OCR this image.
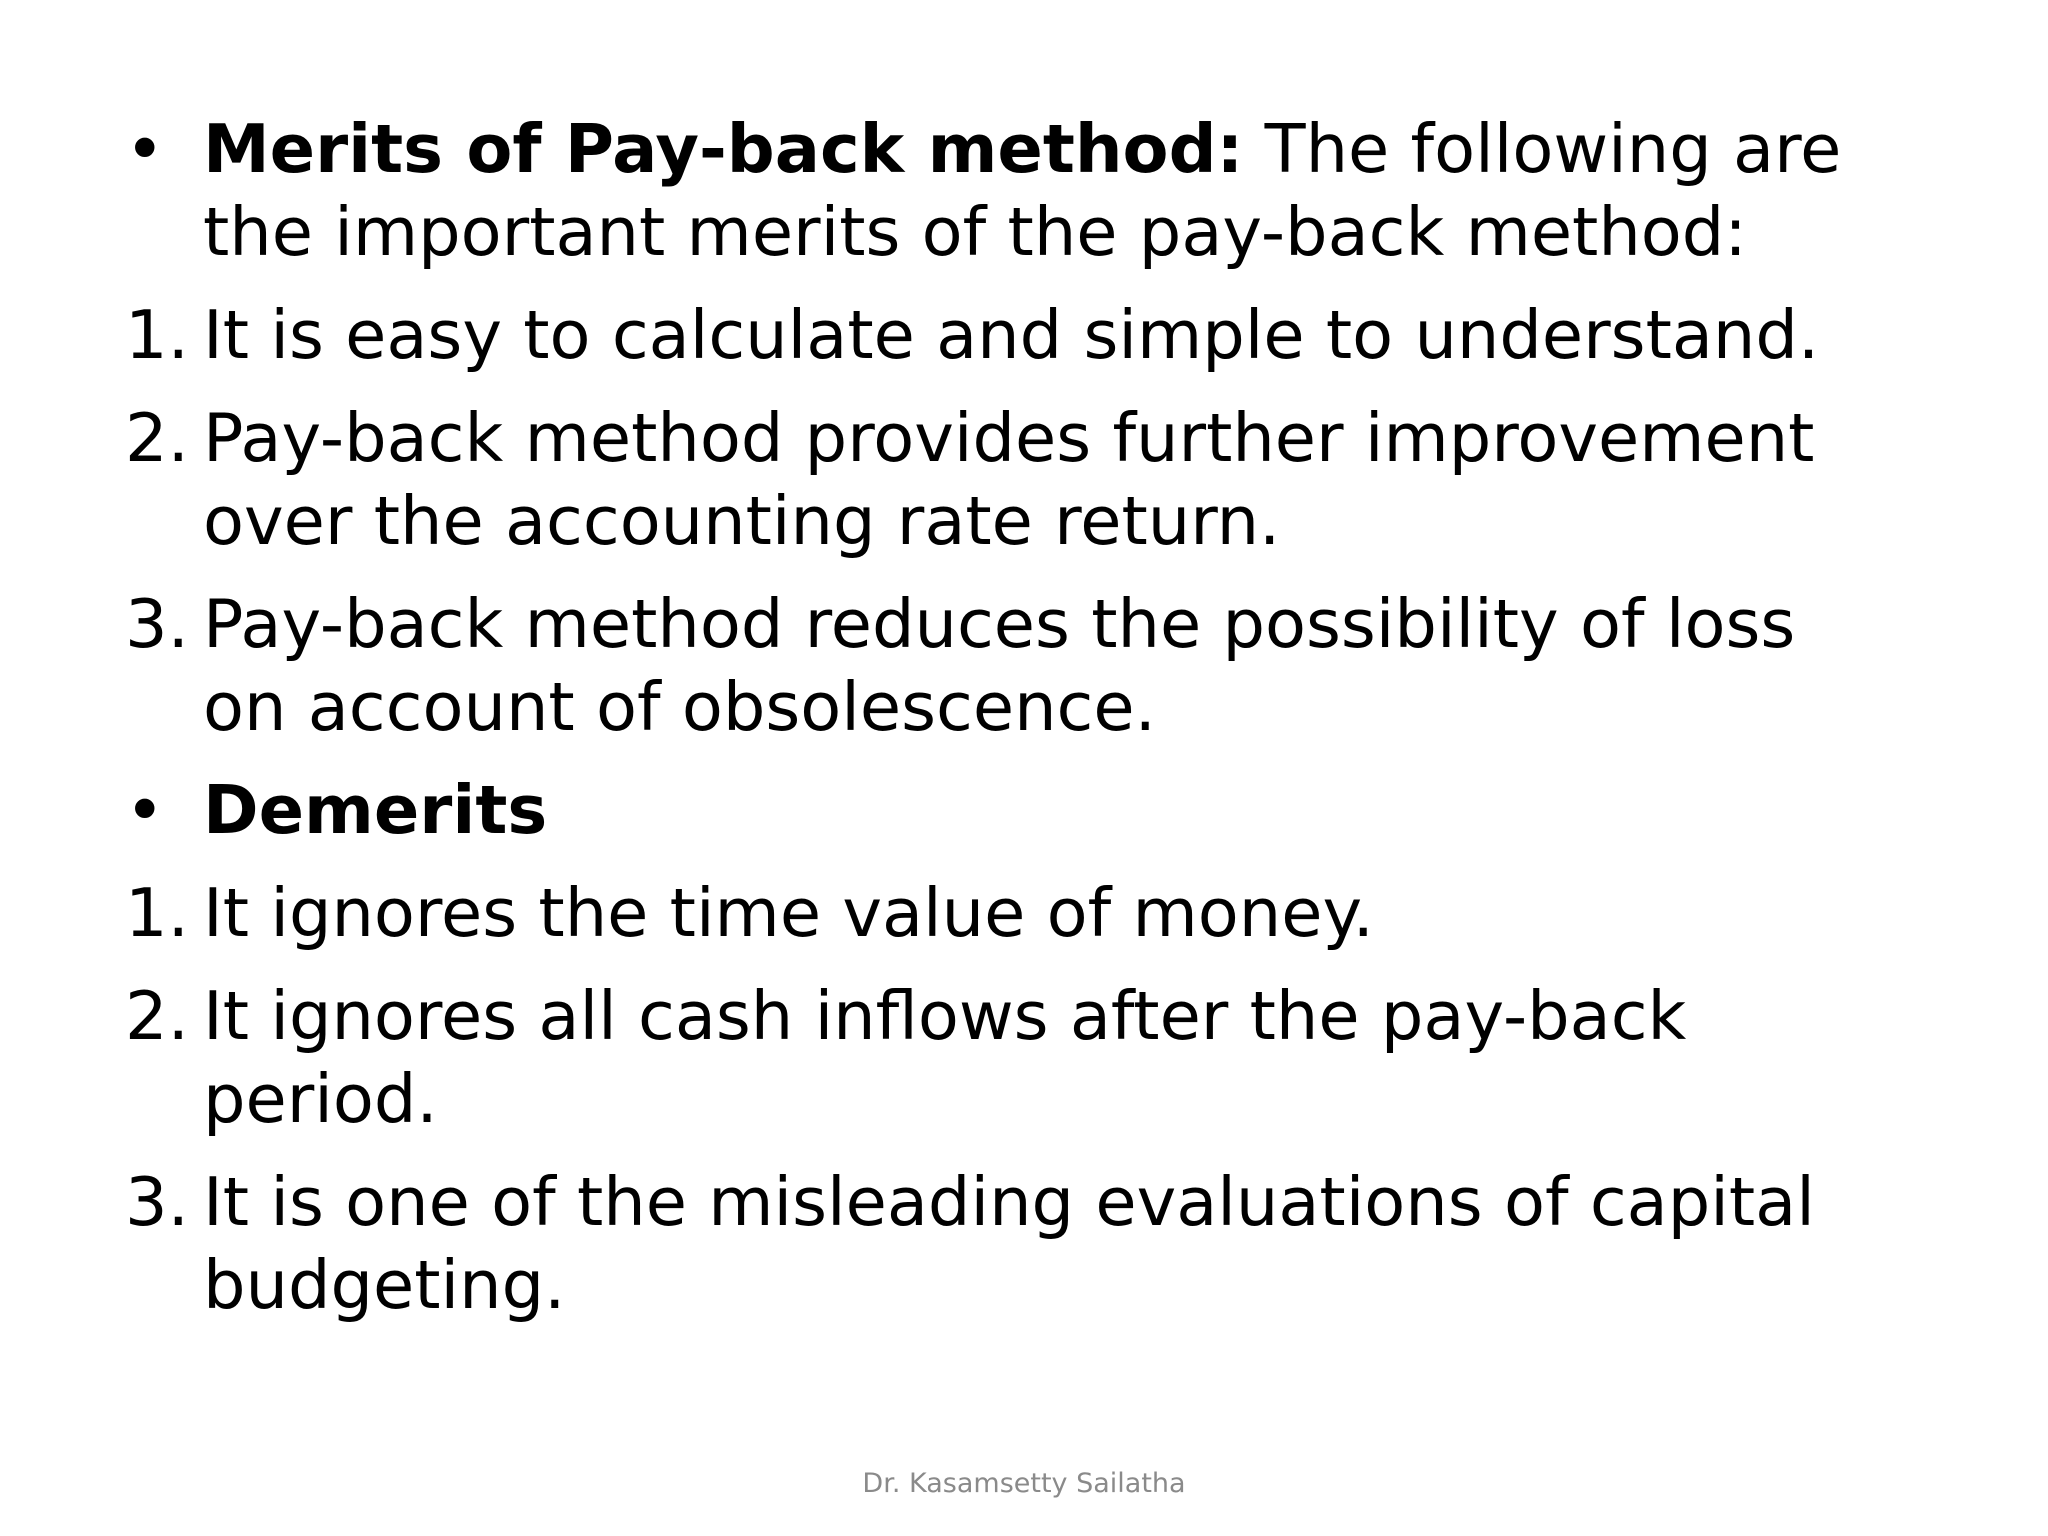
• Merits of Pay-back method: The following are
the important merits of the pay-back method:
1. It is easy to calculate and simple to understand.
2. Pay-back method provides further improvement
over the accounting rate return.
3. Pay-back method reduces the possibility of loss
on account of obsolescence.
• Demerits
1. It ignores the time value of money.
2. It ignores all cash inflows after the pay-back
period.
3. It is one of the misleading evaluations of capital
budgeting.
Dr. Kasamsetty Sailatha
